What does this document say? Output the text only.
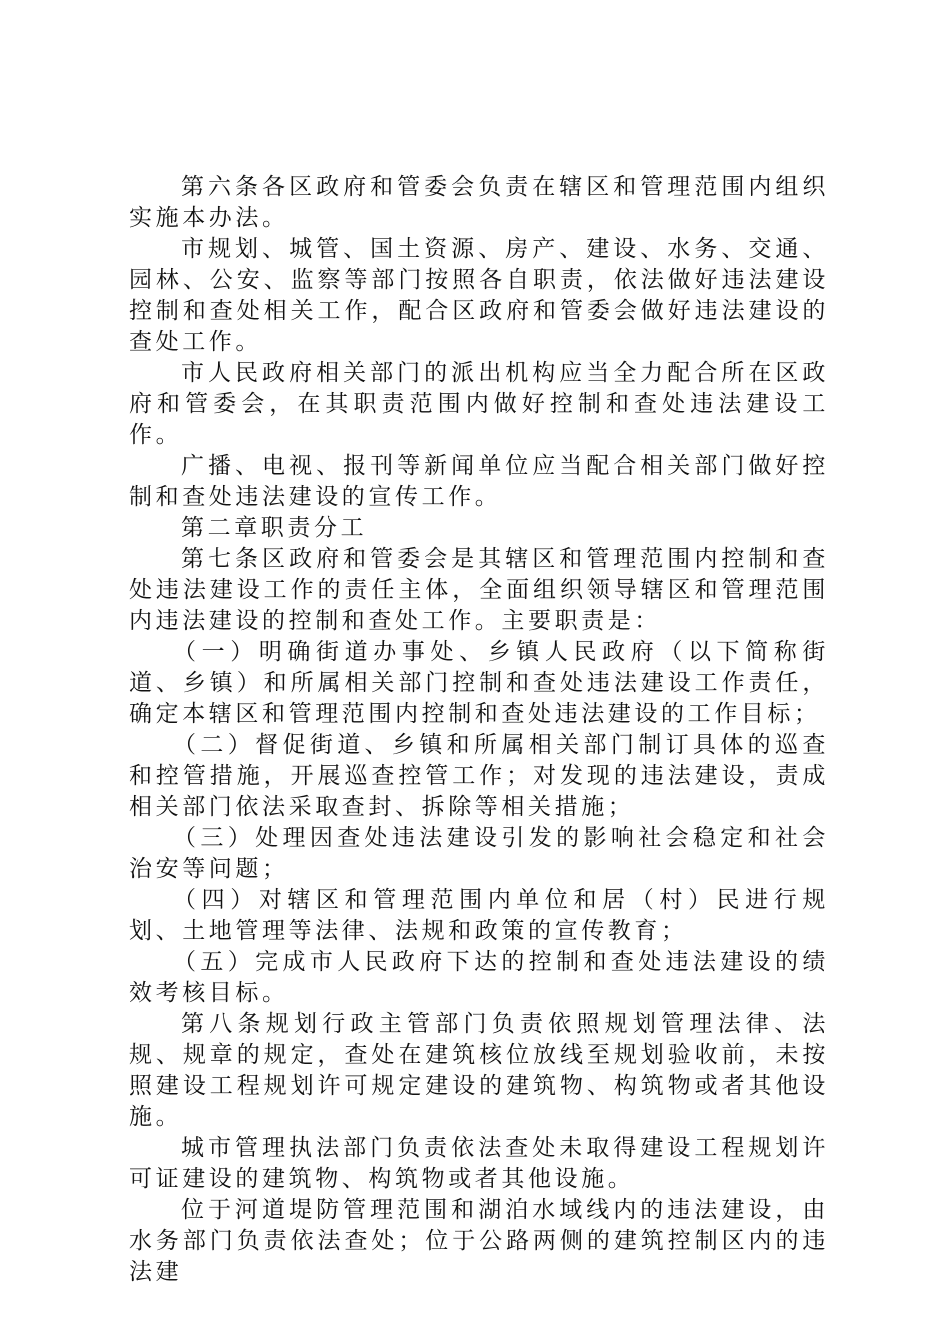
第六条各区政府和管委会负责在辖区和管理范围内组织实施本办法。

市规划、城管、国土资源、房产、建设、水务、交通、园林、公安、监察等部门按照各自职责，依法做好违法建设控制和查处相关工作，配合区政府和管委会做好违法建设的查处工作。

市人民政府相关部门的派出机构应当全力配合所在区政府和管委会，在其职责范围内做好控制和查处违法建设工作。

广播、电视、报刊等新闻单位应当配合相关部门做好控制和查处违法建设的宣传工作。

第二章职责分工

第七条区政府和管委会是其辖区和管理范围内控制和查处违法建设工作的责任主体，全面组织领导辖区和管理范围内违法建设的控制和查处工作。主要职责是：

（一）明确街道办事处、乡镇人民政府（以下简称街道、乡镇）和所属相关部门控制和查处违法建设工作责任，确定本辖区和管理范围内控制和查处违法建设的工作目标；

（二）督促街道、乡镇和所属相关部门制订具体的巡查和控管措施，开展巡查控管工作；对发现的违法建设，责成相关部门依法采取查封、拆除等相关措施；

（三）处理因查处违法建设引发的影响社会稳定和社会治安等问题；

（四）对辖区和管理范围内单位和居（村）民进行规划、土地管理等法律、法规和政策的宣传教育；

（五）完成市人民政府下达的控制和查处违法建设的绩效考核目标。

第八条规划行政主管部门负责依照规划管理法律、法规、规章的规定，查处在建筑核位放线至规划验收前，未按照建设工程规划许可规定建设的建筑物、构筑物或者其他设施。

城市管理执法部门负责依法查处未取得建设工程规划许可证建设的建筑物、构筑物或者其他设施。

位于河道堤防管理范围和湖泊水域线内的违法建设，由水务部门负责依法查处；位于公路两侧的建筑控制区内的违法建
